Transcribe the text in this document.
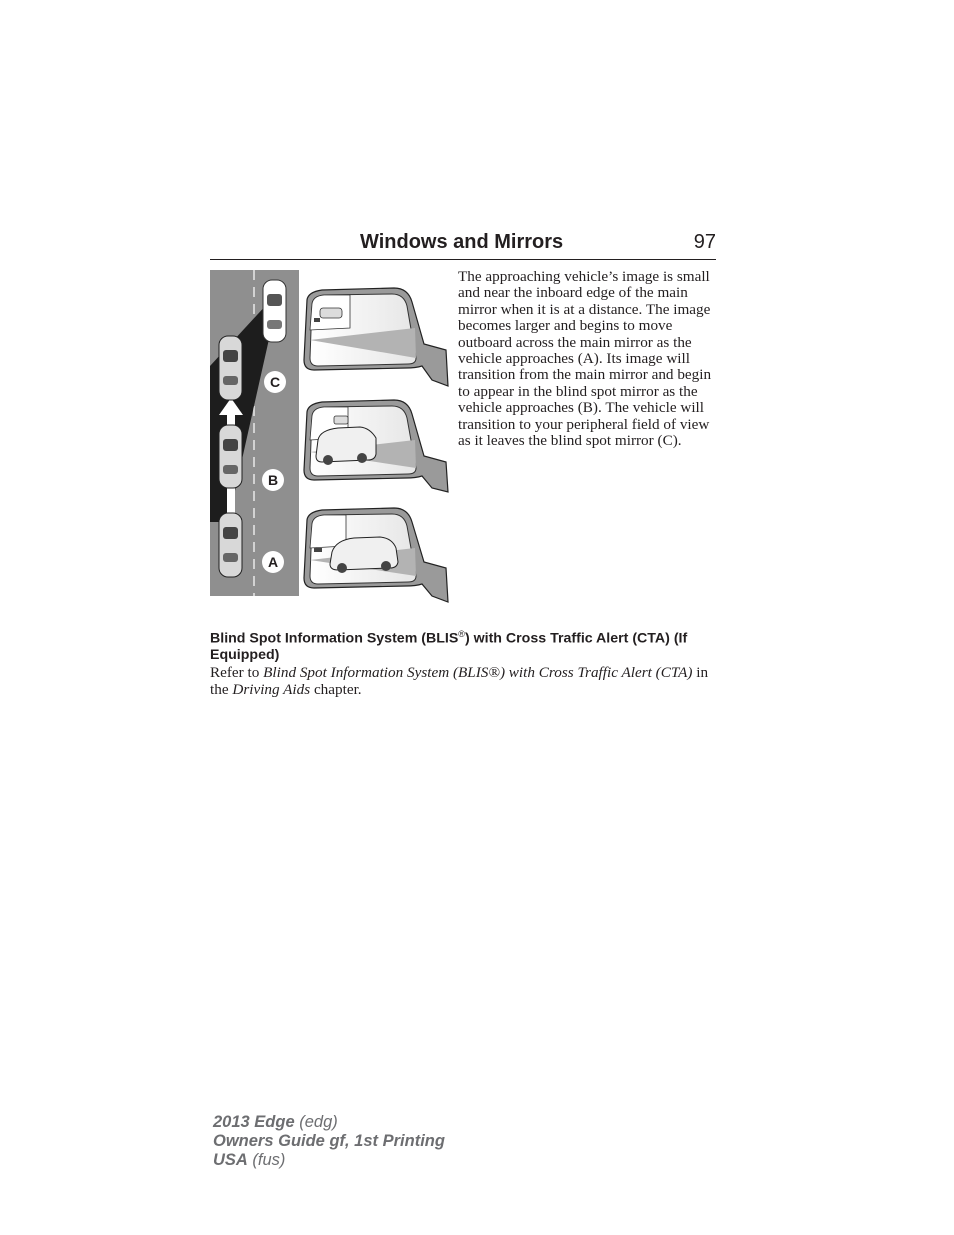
Windows and Mirrors	97
C
B
A
The approaching vehicle’s image is small and near the inboard edge of the main mirror when it is at a distance. The image becomes larger and begins to move outboard across the main mirror as the vehicle approaches (A). Its image will transition from the main mirror and begin to appear in the blind spot mirror as the vehicle approaches (B). The vehicle will transition to your peripheral field of view as it leaves the blind spot mirror (C).
Blind Spot Information System (BLIS®) with Cross Traffic Alert (CTA) (If Equipped)
Refer to Blind Spot Information System (BLIS®) with Cross Traffic Alert (CTA) in the Driving Aids chapter.
2013 Edge (edg)
Owners Guide gf, 1st Printing
USA (fus)
